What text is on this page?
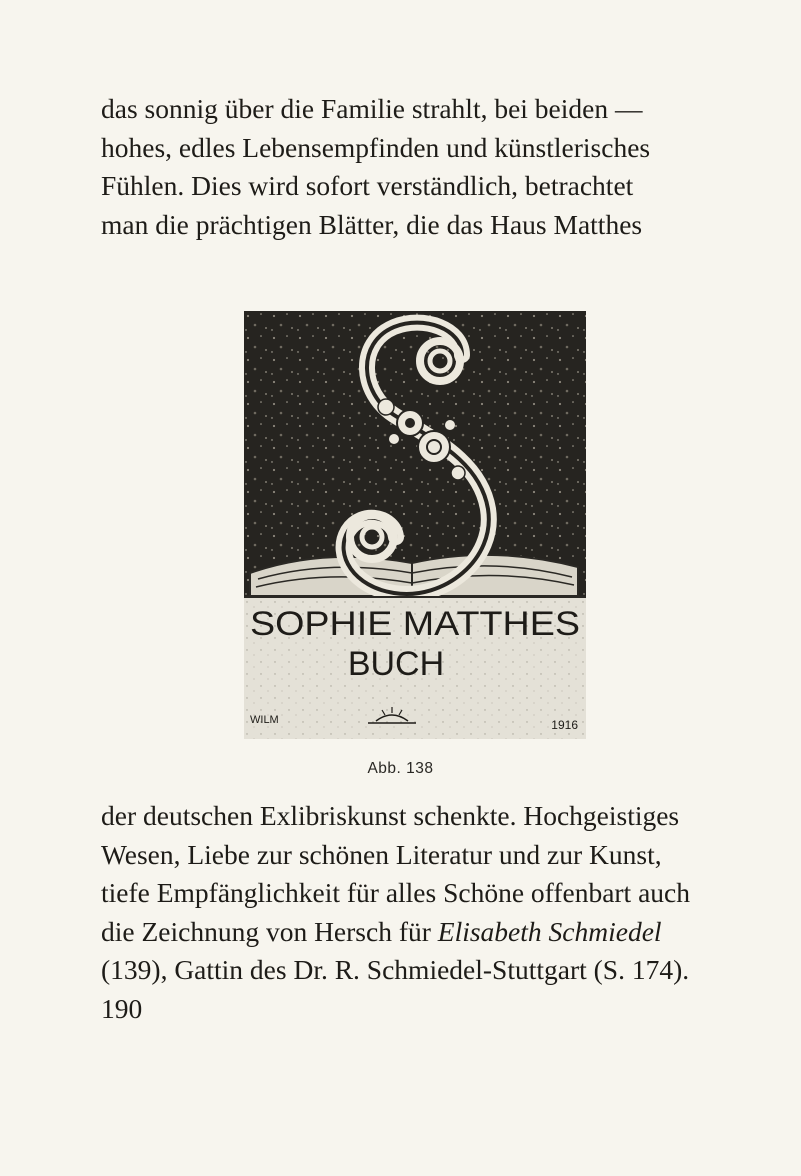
das sonnig über die Familie strahlt, bei beiden —
hohes, edles Lebensempfinden und künstlerisches
Fühlen. Dies wird sofort verständlich, betrachtet
man die prächtigen Blätter, die das Haus Matthes
SOPHIE MATTHES
BUCH
WILM	1916
Abb. 138
der deutschen Exlibriskunst schenkte. Hochgeistiges
Wesen, Liebe zur schönen Literatur und zur Kunst,
tiefe Empfänglichkeit für alles Schöne offenbart auch
die Zeichnung von Hersch für Elisabeth Schmiedel
(139), Gattin des Dr. R. Schmiedel-Stuttgart (S. 174).
190
